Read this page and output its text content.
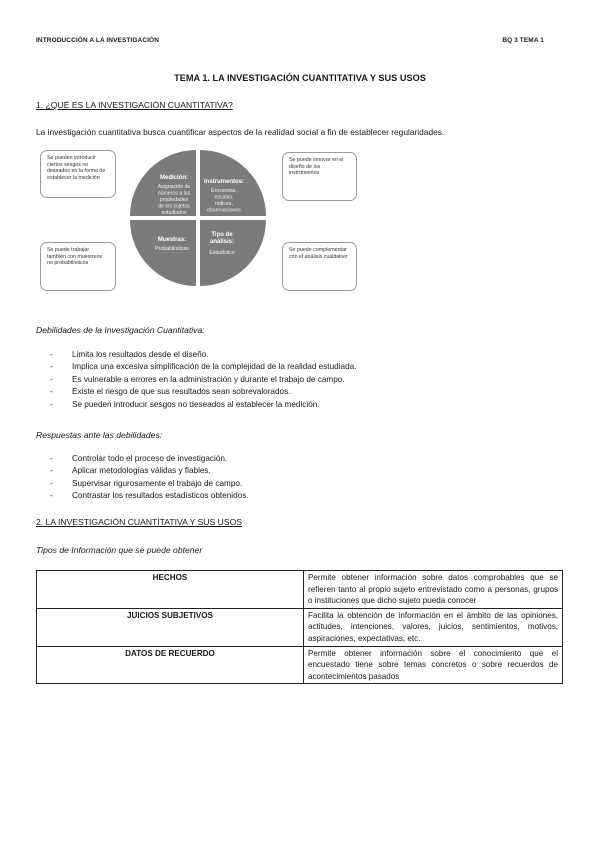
INTRODUCCIÓN A LA INVESTIGACIÓN	BQ 3 TEMA 1
TEMA 1. LA INVESTIGACIÓN CUANTITATIVA Y SUS USOS
1. ¿QUÉ ES LA INVESTIGACIÓN CUANTITATIVA?
La investigación cuantitativa busca cuantificar aspectos de la realidad social a fin de establecer regularidades.
Se pueden introducir ciertos sesgos no deseados en la forma de establecer la medición
Se puede innovar en el diseño de los instrumentos
Se puede trabajar también con muestreos no probabilísticos
Se puede complementar con el análisis cualitativo
Medición:
Asignación de
números a las
propiedades
de los sujetos
estudiados
Instrumentos:
Encuestas,
escalas,
índices,
observaciones
Muestras:
Probabilísticas
Tipo de
análisis:
Estadístico
Debilidades de la Investigación Cuantitativa:
- Limita los resultados desde el diseño.
- Implica una excesiva simplificación de la complejidad de la realidad estudiada.
- Es vulnerable a errores en la administración y durante el trabajo de campo.
- Existe el riesgo de que sus resultados sean sobrevalorados.
- Se pueden introducir sesgos no deseados al establecer la medición.
Respuestas ante las debilidades:
- Controlar todo el proceso de investigación.
- Aplicar metodologías válidas y fiables.
- Supervisar rigurosamente el trabajo de campo.
- Contrastar los resultados estadísticos obtenidos.
2. LA INVESTIGACIÓN CUANTITATIVA Y SUS USOS
Tipos de Información que se puede obtener
HECHOS	Permite obtener información sobre datos comprobables que se refieren tanto al propio sujeto entrevistado como a personas, grupos o instituciones que dicho sujeto pueda conocer
JUICIOS SUBJETIVOS	Facilita la obtención de información en el ámbito de las opiniones, actitudes, intenciones, valores, juicios, sentimientos, motivos, aspiraciones, expectativas, etc.
DATOS DE RECUERDO	Permite obtener información sobre el conocimiento que el encuestado tiene sobre temas concretos o sobre recuerdos de acontecimientos pasados
